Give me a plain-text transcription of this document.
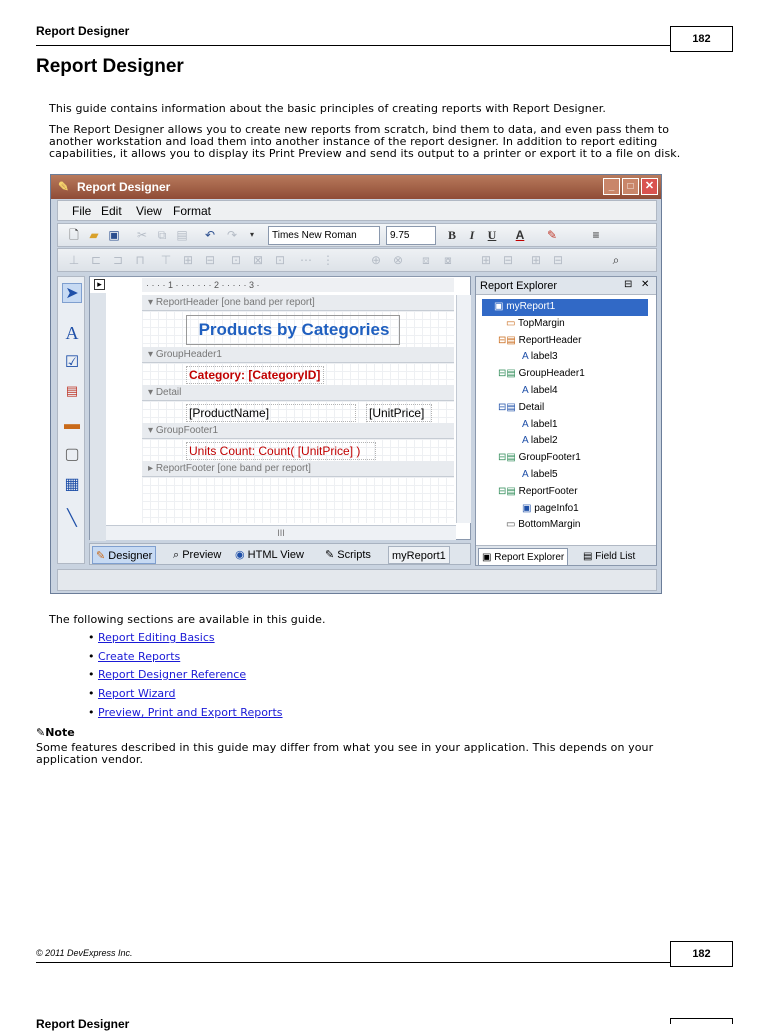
Report Designer
182
Report Designer
This guide contains information about the basic principles of creating reports with Report Designer.
The Report Designer allows you to create new reports from scratch, bind them to data, and even pass them to
another workstation and load them into another instance of the report designer. In addition to report editing
capabilities, it allows you to display its Print Preview and send its output to a printer or export it to a file on disk.
✎ Report Designer	_	□	✕
File Edit View Format
🗋 ▰ ▣ ✂ ⧉ ▤ ↶ ↷	▾	Times New Roman	9.75	B	I	U	A	✎	≡
⊥ ⊏ ⊐ ⊓ ⊤ ⊞ ⊟ ⊡ ⊠ ⊡ ⋯ ⋮	⊕ ⊗	⧈	⧇	⊞ ⊟ ⊞ ⊟	⌕
➤
A
☑
▤
▬
▢
▦
╲
▸	· · · · 1 · · · · · · · 2 · · · · · 3 ·
▾ ReportHeader [one band per report]
Products by Categories
▾ GroupHeader1
Category: [CategoryID]
▾ Detail
[ProductName]	[UnitPrice]
▾ GroupFooter1
Units Count: Count( [UnitPrice] )
▸ ReportFooter [one band per report]
III
Report Explorer	⊟ ✕
▣ myReport1
▭ TopMargin
⊟▤ ReportHeader
A label3
⊟▤ GroupHeader1
A label4
⊟▤ Detail
A label1
A label2
⊟▤ GroupFooter1
A label5
⊟▤ ReportFooter
▣ pageInfo1
▭ BottomMargin
▣ Report Explorer	▤ Field List
✎ Designer	⌕ Preview ◉ HTML View ✎ Scripts	myReport1
The following sections are available in this guide.
• Report Editing Basics
• Create Reports
• Report Designer Reference
• Report Wizard
• Preview, Print and Export Reports
✎Note
Some features described in this guide may differ from what you see in your application. This depends on your
application vendor.
© 2011 DevExpress Inc.	182
Report Designer
